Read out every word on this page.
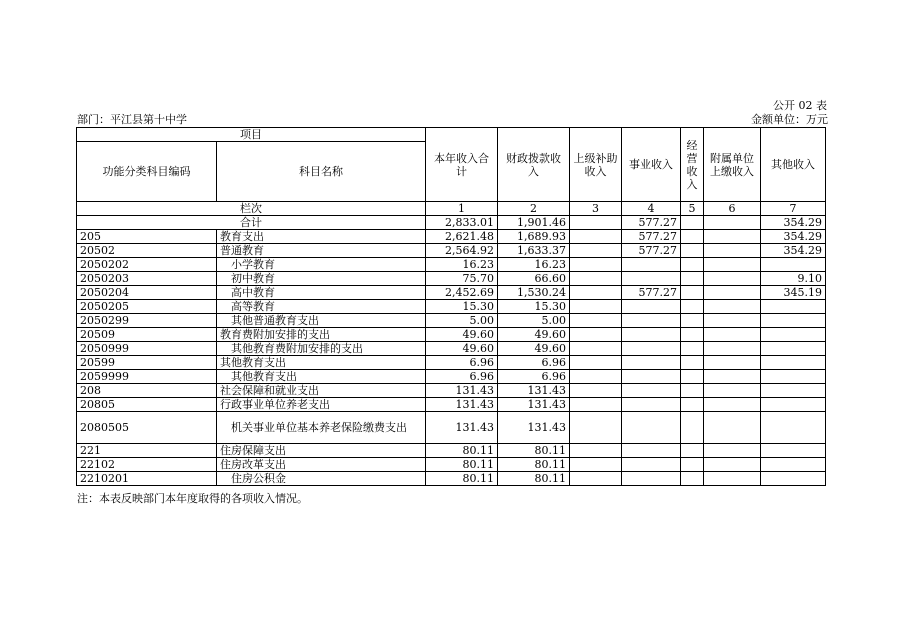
公开 02 表
部门：平江县第十中学	金额单位：万元
项目		本年收入合计	财政拨款收入	上级补助收入	事业收入	经营收入	附属单位上缴收入	其他收入
功能分类科目编码	科目名称							
栏次		1	2	3	4	5	6	7
合计		2,833.01	1,901.46		577.27			354.29
205	教育支出	2,621.48	1,689.93		577.27			354.29
20502	普通教育	2,564.92	1,633.37		577.27			354.29
2050202	小学教育	16.23	16.23					
2050203	初中教育	75.70	66.60					9.10
2050204	高中教育	2,452.69	1,530.24		577.27			345.19
2050205	高等教育	15.30	15.30					
2050299	其他普通教育支出	5.00	5.00					
20509	教育费附加安排的支出	49.60	49.60					
2050999	其他教育费附加安排的支出	49.60	49.60					
20599	其他教育支出	6.96	6.96					
2059999	其他教育支出	6.96	6.96					
208	社会保障和就业支出	131.43	131.43					
20805	行政事业单位养老支出	131.43	131.43					
2080505	机关事业单位基本养老保险缴费支出	131.43	131.43					
221	住房保障支出	80.11	80.11					
22102	住房改革支出	80.11	80.11					
2210201	住房公积金	80.11	80.11					
注：本表反映部门本年度取得的各项收入情况。
